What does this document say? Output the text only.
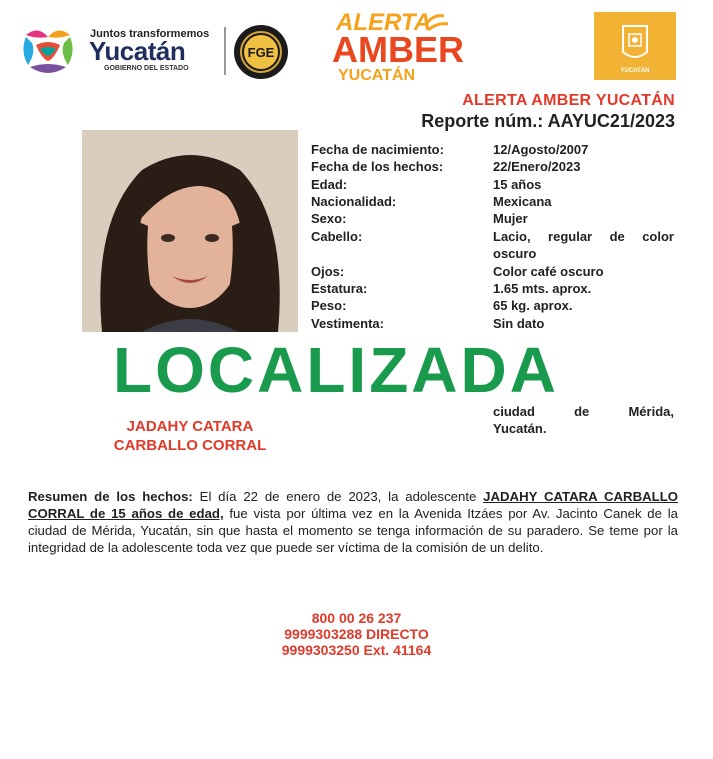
Juntos transformemos
Yucatán
GOBIERNO DEL ESTADO
FGE
ALERTA
AMBER
YUCATÁN	YUCATÁN
ALERTA AMBER YUCATÁN
Reporte núm.: AAYUC21/2023
Fecha de nacimiento:	12/Agosto/2007
Fecha de los hechos:	22/Enero/2023
Edad:	15 años
Nacionalidad:	Mexicana
Sexo:	Mujer
Cabello:	Lacio, regular de color
oscuro
Ojos:	Color café oscuro
Estatura:	1.65 mts. aprox.
Peso:	65 kg. aprox.
Vestimenta:	Sin dato
LOCALIZADA
ciudad de Mérida,
Yucatán.
JADAHY CATARA
CARBALLO CORRAL
Resumen de los hechos: El día 22 de enero de 2023, la adolescente JADAHY CATARA CARBALLO CORRAL de 15 años de edad, fue vista por última vez en la Avenida Itzáes por Av. Jacinto Canek de la ciudad de Mérida, Yucatán, sin que hasta el momento se tenga información de su paradero. Se teme por la integridad de la adolescente toda vez que puede ser víctima de la comisión de un delito.
800 00 26 237
9999303288 DIRECTO
9999303250 Ext. 41164
